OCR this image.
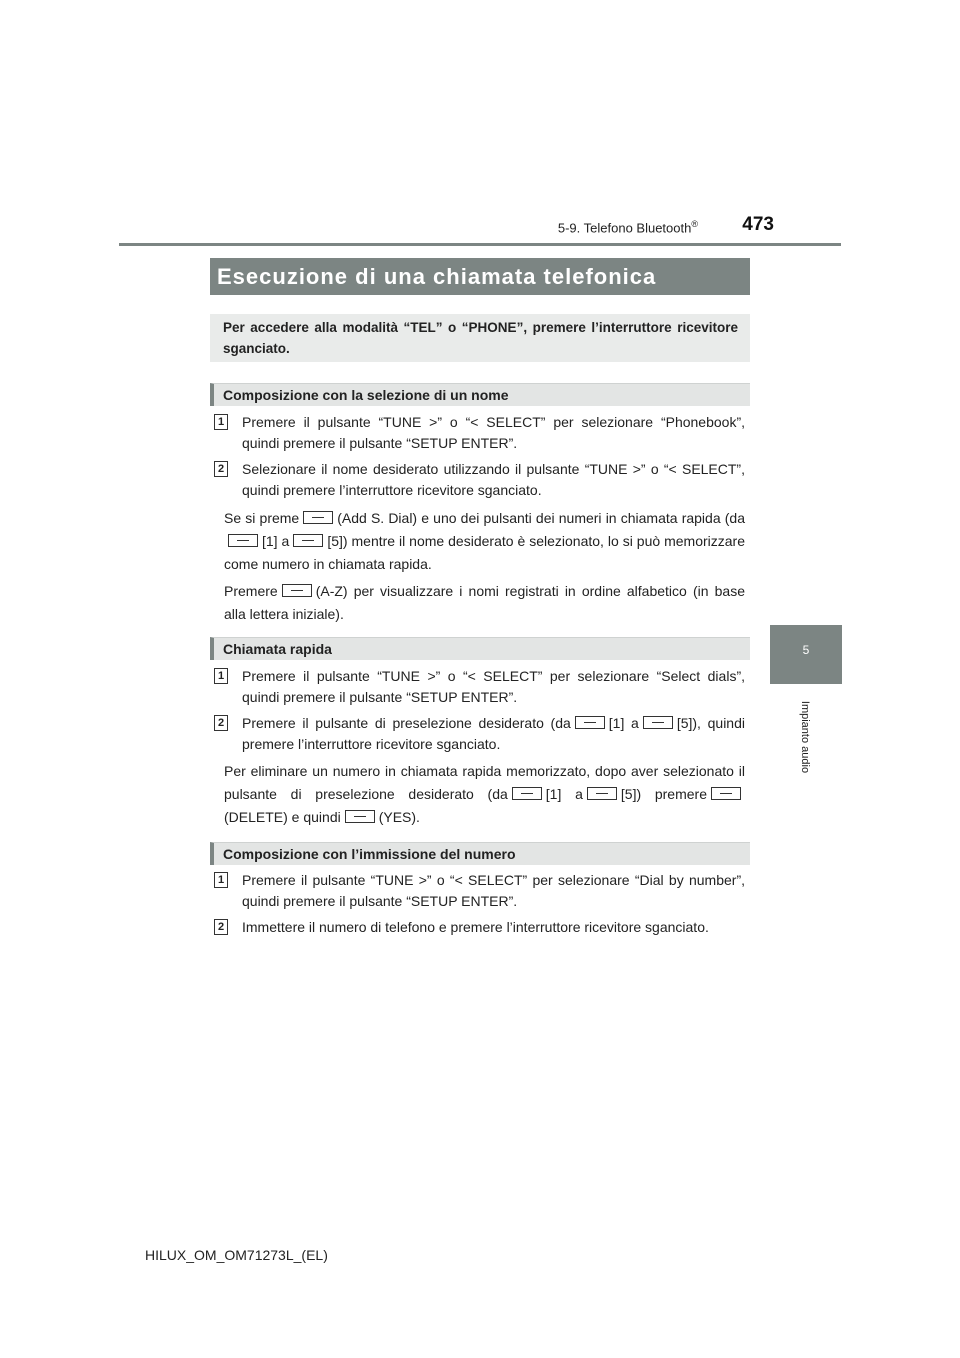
5-9. Telefono Bluetooth®	473
5
Impianto audio
Esecuzione di una chiamata telefonica
Per accedere alla modalità “TEL” o “PHONE”, premere l’interruttore ricevitore sganciato.
Composizione con la selezione di un nome
1 Premere il pulsante “TUNE >” o “< SELECT” per selezionare “Phonebook”, quindi premere il pulsante “SETUP ENTER”.
2 Selezionare il nome desiderato utilizzando il pulsante “TUNE >” o “< SELECT”, quindi premere l’interruttore ricevitore sganciato.
Se si preme	(Add S. Dial) e uno dei pulsanti dei numeri in chiamata rapida (da[1] a	[5]) mentre il nome desiderato è selezionato, lo si può memorizzare come numero in chiamata rapida.
Premere	(A-Z) per visualizzare i nomi registrati in ordine alfabetico (in base alla lettera iniziale).
Chiamata rapida
1 Premere il pulsante “TUNE >” o “< SELECT” per selezionare “Select dials”, quindi premere il pulsante “SETUP ENTER”.
2 Premere il pulsante di preselezione desiderato (da	[1] a	[5]), quindi premere l’interruttore ricevitore sganciato.
Per eliminare un numero in chiamata rapida memorizzato, dopo aver selezionato il pulsante di preselezione desiderato (da	[1] a	[5]) premere(DELETE) e quindi	(YES).
Composizione con l’immissione del numero
1 Premere il pulsante “TUNE >” o “< SELECT” per selezionare “Dial by number”, quindi premere il pulsante “SETUP ENTER”.
2 Immettere il numero di telefono e premere l’interruttore ricevitore sganciato.
HILUX_OM_OM71273L_(EL)
